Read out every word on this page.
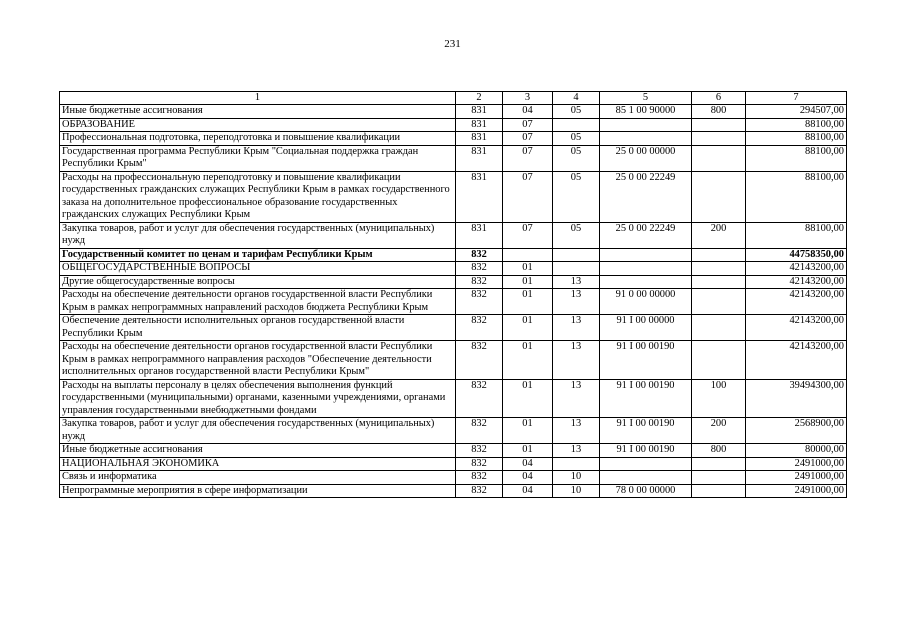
231
1	2	3	4	5	6	7
Иные бюджетные ассигнования	831	04	05	85 1 00 90000	800	294507,00
ОБРАЗОВАНИЕ	831	07				88100,00
Профессиональная подготовка, переподготовка и повышение квалификации	831	07	05			88100,00
Государственная программа Республики Крым "Социальная поддержка граждан Республики Крым"	831	07	05	25 0 00 00000		88100,00
Расходы на профессиональную переподготовку и повышение квалификации государственных гражданских служащих Республики Крым в рамках государственного заказа на дополнительное профессиональное образование государственных гражданских служащих Республики Крым	831	07	05	25 0 00 22249		88100,00
Закупка товаров, работ и услуг для обеспечения государственных (муниципальных) нужд	831	07	05	25 0 00 22249	200	88100,00
Государственный комитет по ценам и тарифам Республики Крым	832					44758350,00
ОБЩЕГОСУДАРСТВЕННЫЕ ВОПРОСЫ	832	01				42143200,00
Другие общегосударственные вопросы	832	01	13			42143200,00
Расходы на обеспечение деятельности органов государственной власти Республики Крым в рамках непрограммных направлений расходов бюджета Республики Крым	832	01	13	91 0 00 00000		42143200,00
Обеспечение деятельности исполнительных органов государственной власти Республики Крым	832	01	13	91 I 00 00000		42143200,00
Расходы на обеспечение деятельности органов государственной власти Республики Крым в рамках непрограммного направления расходов "Обеспечение деятельности исполнительных органов государственной власти Республики Крым"	832	01	13	91 I 00 00190		42143200,00
Расходы на выплаты персоналу в целях обеспечения выполнения функций государственными (муниципальными) органами, казенными учреждениями, органами управления государственными внебюджетными фондами	832	01	13	91 I 00 00190	100	39494300,00
Закупка товаров, работ и услуг для обеспечения государственных (муниципальных) нужд	832	01	13	91 I 00 00190	200	2568900,00
Иные бюджетные ассигнования	832	01	13	91 I 00 00190	800	80000,00
НАЦИОНАЛЬНАЯ ЭКОНОМИКА	832	04				2491000,00
Связь и информатика	832	04	10			2491000,00
Непрограммные мероприятия в сфере информатизации	832	04	10	78 0 00 00000		2491000,00
